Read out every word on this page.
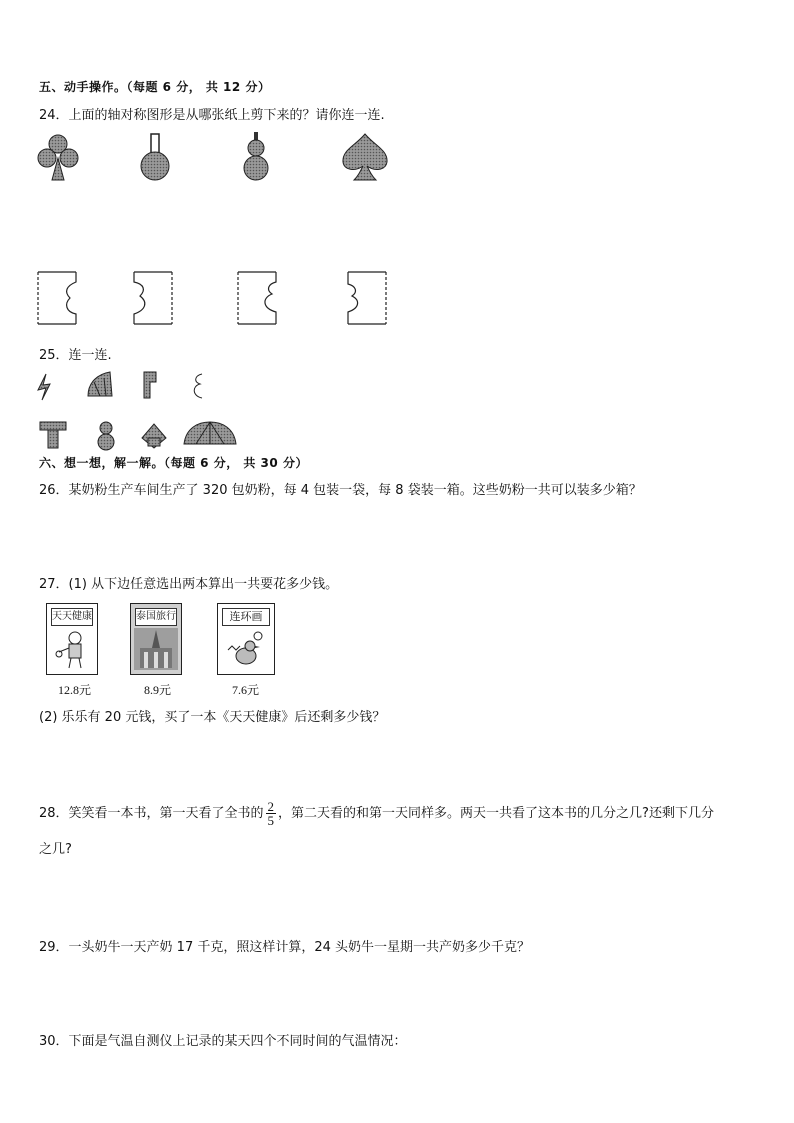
五、动手操作。（每题 6 分， 共 12 分）
24．上面的轴对称图形是从哪张纸上剪下来的？请你连一连.
25．连一连.
六、想一想，解一解。（每题 6 分， 共 30 分）
26．某奶粉生产车间生产了 320 包奶粉，每 4 包装一袋，每 8 袋装一箱。这些奶粉一共可以装多少箱？
27．(1) 从下边任意选出两本算出一共要花多少钱。
天天健康
12.8元
泰国旅行
8.9元
连环画
7.6元
(2) 乐乐有 20 元钱，买了一本《天天健康》后还剩多少钱？
28．笑笑看一本书，第一天看了全书的 $\frac{2}{5}$ ，第二天看的和第一天同样多。两天一共看了这本书的几分之几?还剩下几分
之几?
29．一头奶牛一天产奶 17 千克，照这样计算，24 头奶牛一星期一共产奶多少千克？
30．下面是气温自测仪上记录的某天四个不同时间的气温情况：
